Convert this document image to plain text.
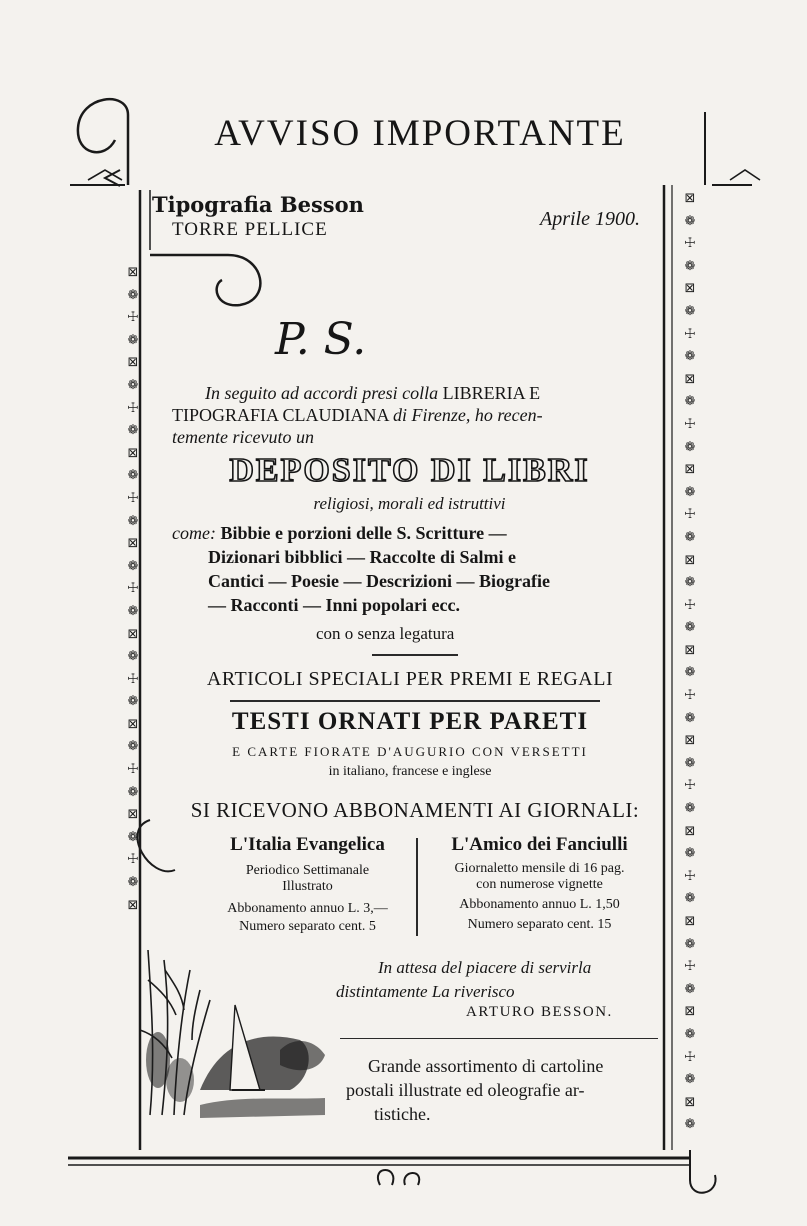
⊠
❁
☩
❁
⊠
❁
☩
❁
⊠
❁
☩
❁
⊠
❁
☩
❁
⊠
❁
☩
❁
⊠
❁
☩
❁
⊠
❁
☩
❁
⊠
⊠
❁
☩
❁
⊠
❁
☩
❁
⊠
❁
☩
❁
⊠
❁
☩
❁
⊠
❁
☩
❁
⊠
❁
☩
❁
⊠
❁
☩
❁
⊠
❁
☩
❁
⊠
❁
☩
❁
⊠
❁
☩
❁
⊠
❁
AVVISO IMPORTANTE
Tipografia Besson
TORRE PELLICE	Aprile 1900.
P. S.
In seguito ad accordi presi colla LIBRERIA E
TIPOGRAFIA CLAUDIANA di Firenze, ho recen-
temente ricevuto un
DEPOSITO DI LIBRI
religiosi, morali ed istruttivi
come: Bibbie e porzioni delle S. Scritture —
Dizionari bibblici — Raccolte di Salmi e
Cantici — Poesie — Descrizioni — Biografie
— Racconti — Inni popolari ecc.
con o senza legatura
ARTICOLI SPECIALI PER PREMI E REGALI
TESTI ORNATI PER PARETI
E CARTE FIORATE D'AUGURIO CON VERSETTI
in italiano, francese e inglese
SI RICEVONO ABBONAMENTI AI GIORNALI:
L'Italia Evangelica
Periodico Settimanale
Illustrato
Abbonamento annuo L. 3,—
Numero separato cent. 5
L'Amico dei Fanciulli
Giornaletto mensile di 16 pag.
con numerose vignette
Abbonamento annuo L. 1,50
Numero separato cent. 15
In attesa del piacere di servirla
distintamente La riverisco
ARTURO BESSON.
Grande assortimento di cartoline
postali illustrate ed oleografie ar-
tistiche.
